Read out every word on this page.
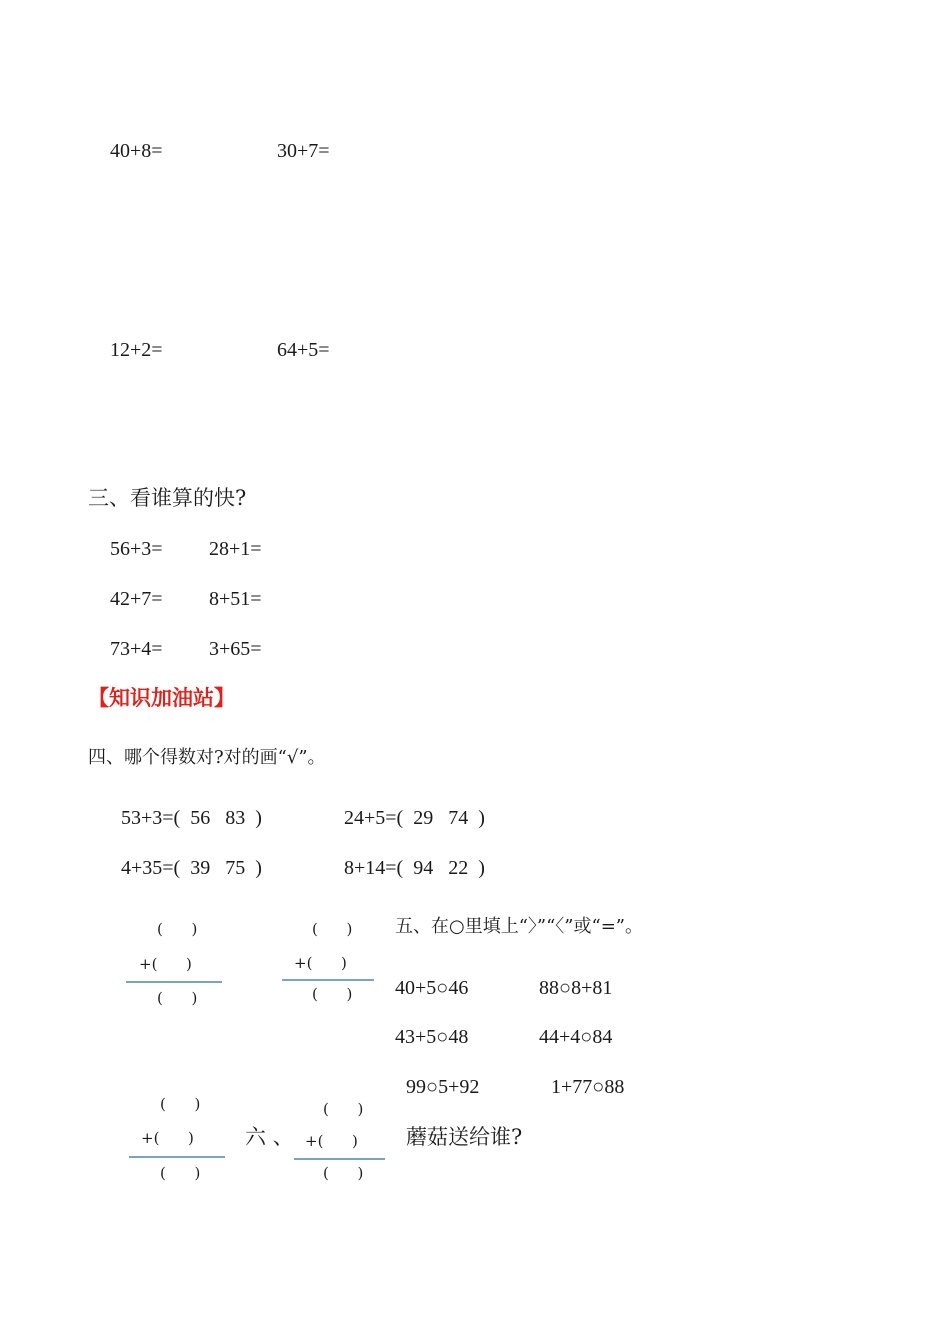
40+8=	30+7=
12+2=	64+5=
三、看谁算的快?
56+3= 28+1=
42+7= 8+51=
73+4= 3+65=
【知识加油站】
四、哪个得数对?对的画“√”。
53+3=(  56   83  )	24+5=(  29   74  )
4+35=(  39   75  )	8+14=(  94   22  )
(      )
+(      )
(      )
(      )
+(      )
(      )
五、在○里填上“〉”“〈”或“=”。
40+5○46	88○8+81
43+5○48	44+4○84
99○5+92	1+77○88
(      )
+(      )
(      )
六 、
(      )
+(      )
(      )
蘑菇送给谁?
